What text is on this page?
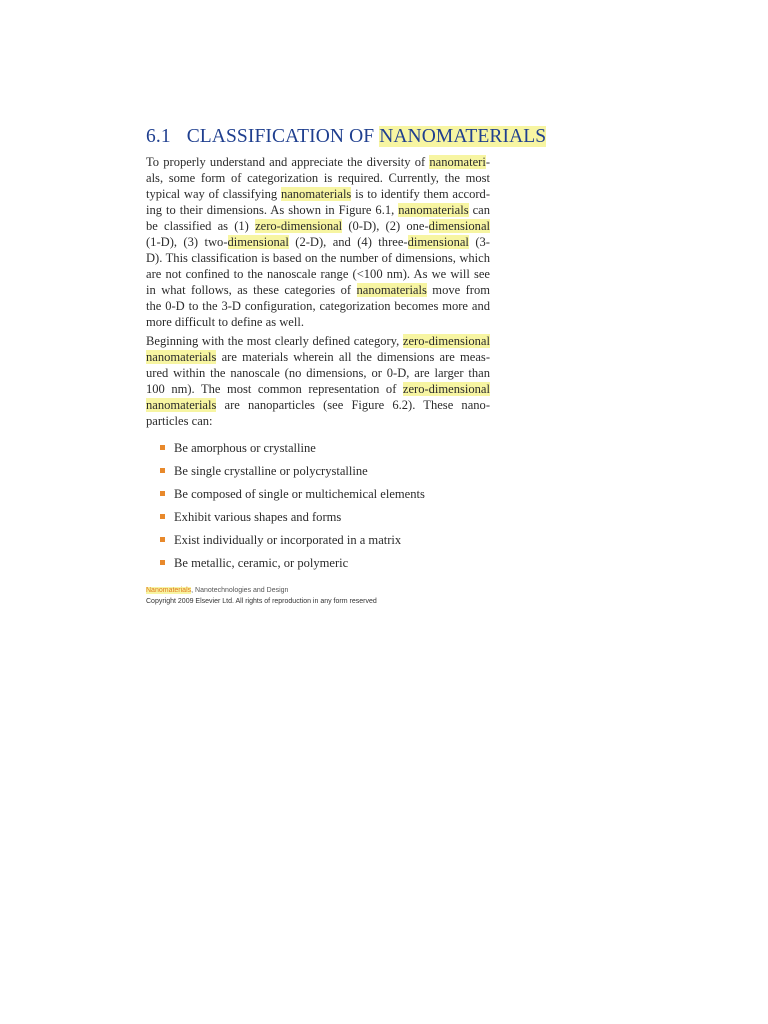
6.1 CLASSIFICATION OF NANOMATERIALS

To properly understand and appreciate the diversity of nanomateri-
als, some form of categorization is required. Currently, the most
typical way of classifying nanomaterials is to identify them accord-
ing to their dimensions. As shown in Figure 6.1, nanomaterials can
be classified as (1) zero-dimensional (0-D), (2) one-dimensional
(1-D), (3) two-dimensional (2-D), and (4) three-dimensional (3-
D). This classification is based on the number of dimensions, which
are not confined to the nanoscale range (<100 nm). As we will see
in what follows, as these categories of nanomaterials move from
the 0-D to the 3-D configuration, categorization becomes more and
more difficult to define as well.

Beginning with the most clearly defined category, zero-dimensional
nanomaterials are materials wherein all the dimensions are meas-
ured within the nanoscale (no dimensions, or 0-D, are larger than
100 nm). The most common representation of zero-dimensional
nanomaterials are nanoparticles (see Figure 6.2). These nano-
particles can:

Be amorphous or crystalline
Be single crystalline or polycrystalline
Be composed of single or multichemical elements
Exhibit various shapes and forms
Exist individually or incorporated in a matrix
Be metallic, ceramic, or polymeric
Nanomaterials, Nanotechnologies and Design
Copyright 2009 Elsevier Ltd. All rights of reproduction in any form reserved
